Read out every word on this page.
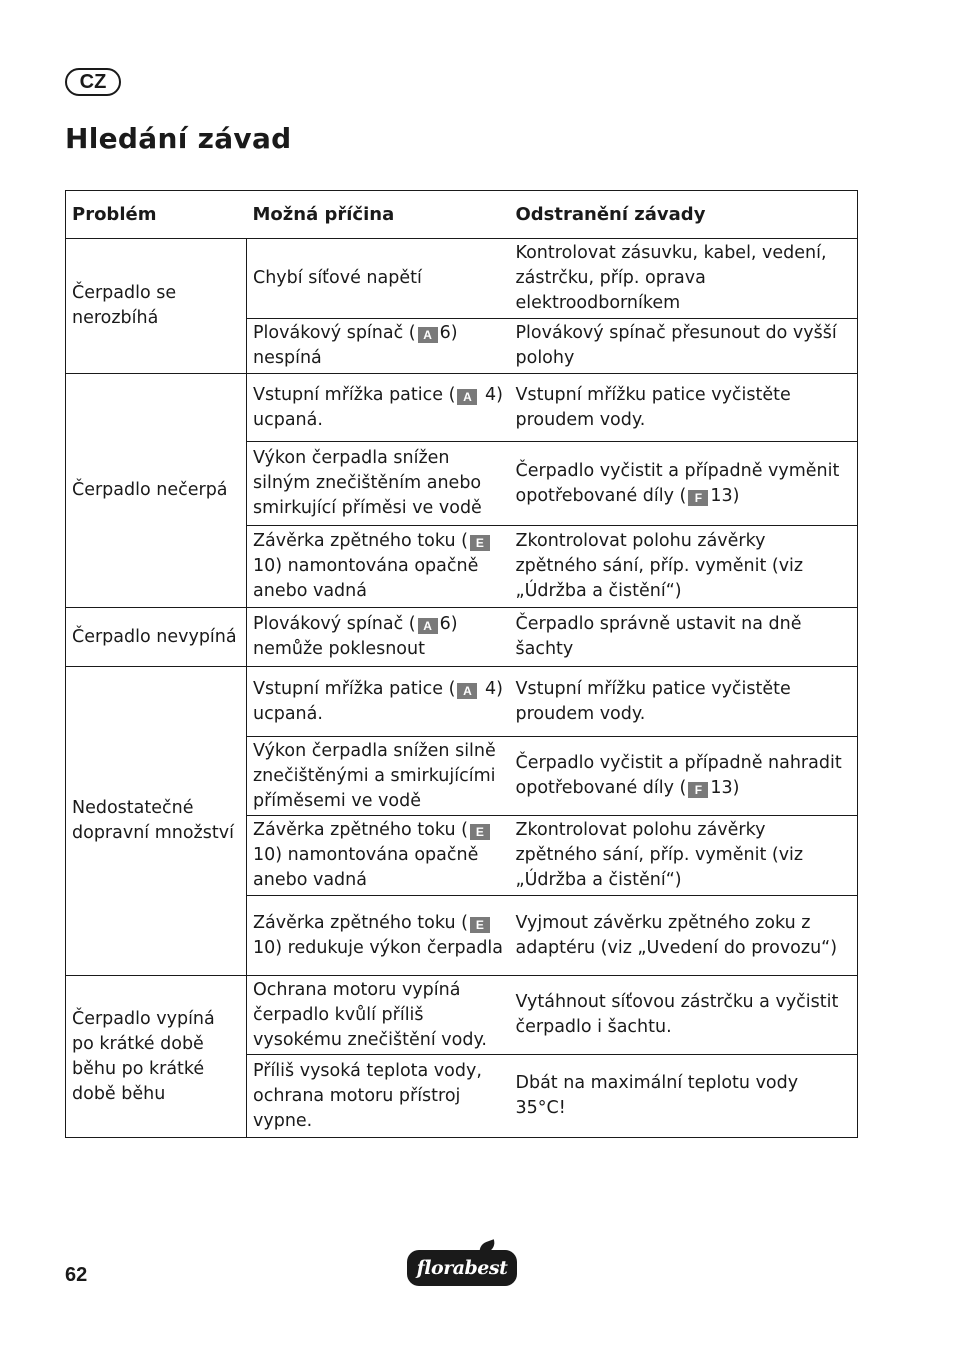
CZ
Hledání závad
Problém	Možná příčina	Odstranění závady
Čerpadlo se nerozbíhá	Chybí síťové napětí	Kontrolovat zásuvku, kabel, vedení, zástrčku, příp. oprava elektroodborníkem
	Plovákový spínač ( A 6) nespíná	Plovákový spínač přesunout do vyšší polohy
Čerpadlo nečerpá	Vstupní mřížka patice ( A 4) ucpaná.	Vstupní mřížku patice vyčistěte proudem vody.
	Výkon čerpadla snížen silným znečištěním anebo smirkující příměsi ve vodě	Čerpadlo vyčistit a případně vyměnit opotřebované díly ( F 13)
	Závěrka zpětného toku ( E10) namontována opačně anebo vadná	Zkontrolovat polohu závěrky zpětného sání, příp. vyměnit (viz „Údržba a čistění“)
Čerpadlo nevypíná	Plovákový spínač ( A 6) nemůže poklesnout	Čerpadlo správně ustavit na dně šachty
Nedostatečné dopravní množství	Vstupní mřížka patice ( A 4) ucpaná.	Vstupní mřížku patice vyčistěte proudem vody.
	Výkon čerpadla snížen silně znečištěnými a smirkujícími příměsemi ve vodě	Čerpadlo vyčistit a případně nahradit opotřebované díly ( F 13)
	Závěrka zpětného toku ( E10) namontována opačně anebo vadná	Zkontrolovat polohu závěrky zpětného sání, příp. vyměnit (viz „Údržba a čistění“)
	Závěrka zpětného toku ( E10) redukuje výkon čerpadla	Vyjmout závěrku zpětného zoku z adaptéru (viz „Uvedení do provozu“)
Čerpadlo vypíná po krátké době běhu po krátké době běhu	Ochrana motoru vypíná čerpadlo kvůlí příliš vysokému znečištění vody.	Vytáhnout síťovou zástrčku a vyčistit čerpadlo i šachtu.
	Příliš vysoká teplota vody, ochrana motoru přístroj vypne.	Dbát na maximální teplotu vody 35°C!
62	florabest
